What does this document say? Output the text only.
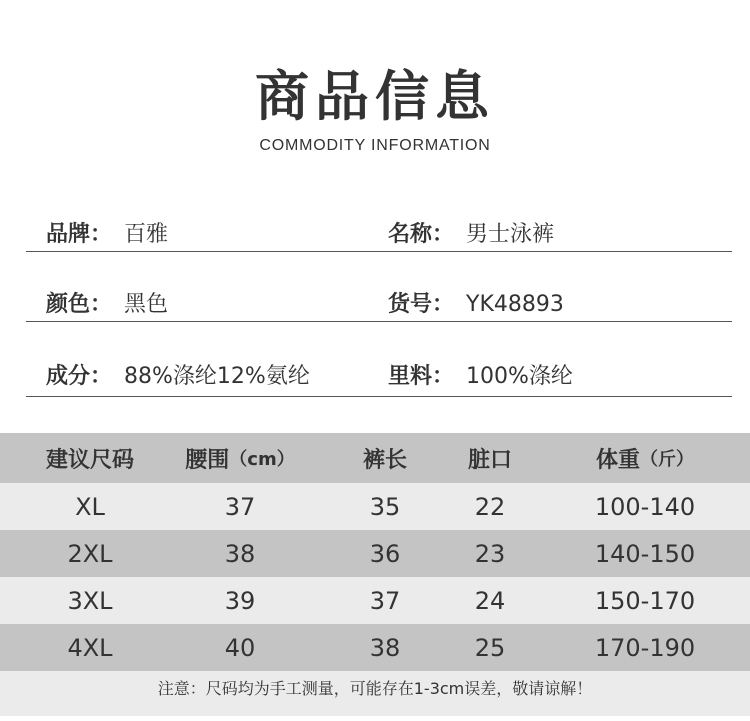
商品信息
COMMODITY INFORMATION
品牌： 百雅	名称： 男士泳裤
颜色： 黑色	货号： YK48893
成分： 88%涤纶12%氨纶	里料： 100%涤纶
建议尺码	腰围 （cm）	裤长	脏口	体重 （斤）
XL	37	35	22	100-140
2XL	38	36	23	140-150
3XL	39	37	24	150-170
4XL	40	38	25	170-190
注意：尺码均为手工测量，可能存在1-3cm误差，敬请谅解！
